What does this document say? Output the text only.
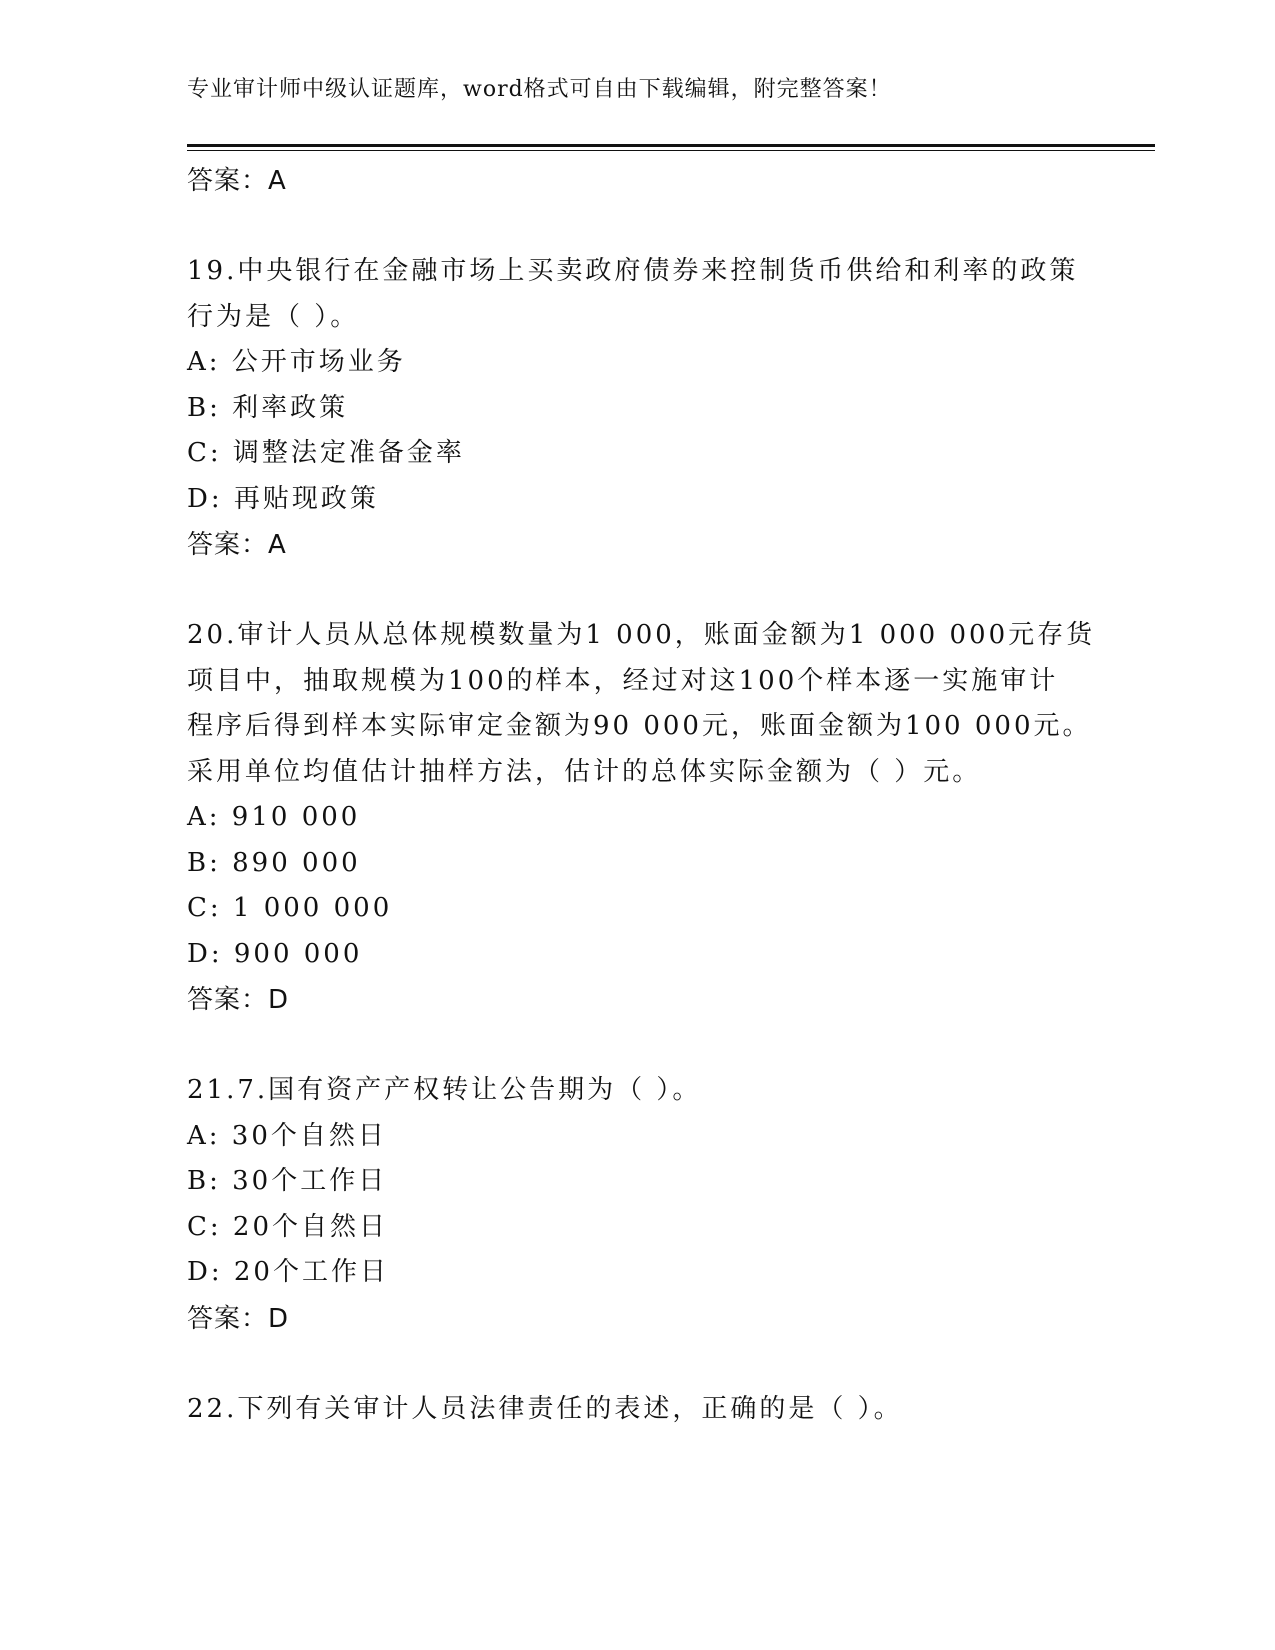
专业审计师中级认证题库，word格式可自由下载编辑，附完整答案！
答案：A
19.中央银行在金融市场上买卖政府债券来控制货币供给和利率的政策
行为是（ ）。
A: 公开市场业务
B: 利率政策
C: 调整法定准备金率
D: 再贴现政策
答案：A
20.审计人员从总体规模数量为1 000，账面金额为1 000 000元存货
项目中，抽取规模为100的样本，经过对这100个样本逐一实施审计
程序后得到样本实际审定金额为90 000元，账面金额为100 000元。
采用单位均值估计抽样方法，估计的总体实际金额为（ ）元。
A: 910 000
B: 890 000
C: 1 000 000
D: 900 000
答案：D
21.7.国有资产产权转让公告期为（ ）。
A: 30个自然日
B: 30个工作日
C: 20个自然日
D: 20个工作日
答案：D
22.下列有关审计人员法律责任的表述，正确的是（ ）。
